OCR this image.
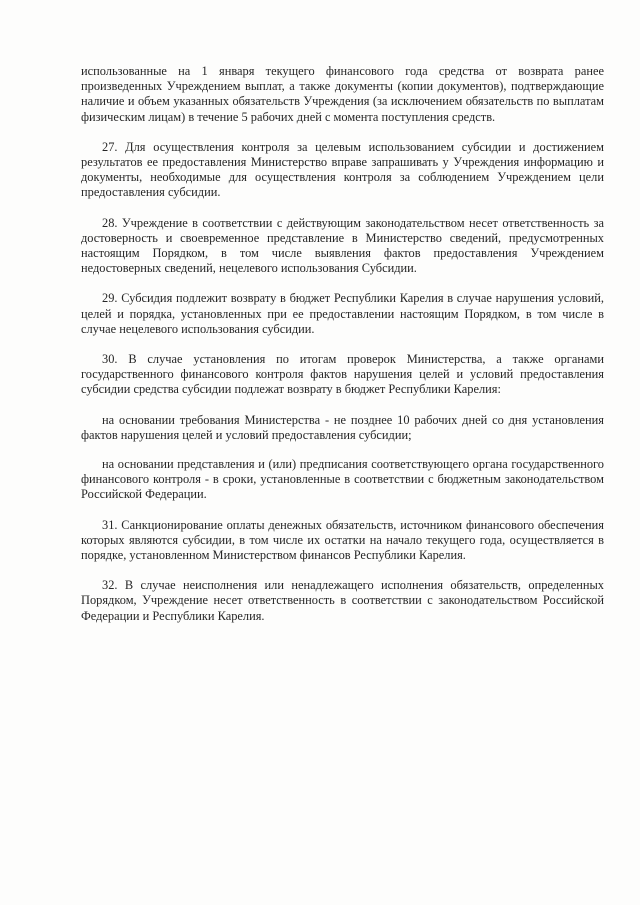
использованные на 1 января текущего финансового года средства от возврата ранее произведенных Учреждением выплат, а также документы (копии документов), подтверждающие наличие и объем указанных обязательств Учреждения (за исключением обязательств по выплатам физическим лицам) в течение 5 рабочих дней с момента поступления средств.

27. Для осуществления контроля за целевым использованием субсидии и достижением результатов ее предоставления Министерство вправе запрашивать у Учреждения информацию и документы, необходимые для осуществления контроля за соблюдением Учреждением цели предоставления субсидии.

28. Учреждение в соответствии с действующим законодательством несет ответственность за достоверность и своевременное представление в Министерство сведений, предусмотренных настоящим Порядком, в том числе выявления фактов предоставления Учреждением недостоверных сведений, нецелевого использования Субсидии.

29. Субсидия подлежит возврату в бюджет Республики Карелия в случае нарушения условий, целей и порядка, установленных при ее предоставлении настоящим Порядком, в том числе в случае нецелевого использования субсидии.

30. В случае установления по итогам проверок Министерства, а также органами государственного финансового контроля фактов нарушения целей и условий предоставления субсидии средства субсидии подлежат возврату в бюджет Республики Карелия:

на основании требования Министерства - не позднее 10 рабочих дней со дня установления фактов нарушения целей и условий предоставления субсидии;

на основании представления и (или) предписания соответствующего органа государственного финансового контроля - в сроки, установленные в соответствии с бюджетным законодательством Российской Федерации.

31. Санкционирование оплаты денежных обязательств, источником финансового обеспечения которых являются субсидии, в том числе их остатки на начало текущего года, осуществляется в порядке, установленном Министерством финансов Республики Карелия.

32. В случае неисполнения или ненадлежащего исполнения обязательств, определенных Порядком, Учреждение несет ответственность в соответствии с законодательством Российской Федерации и Республики Карелия.
